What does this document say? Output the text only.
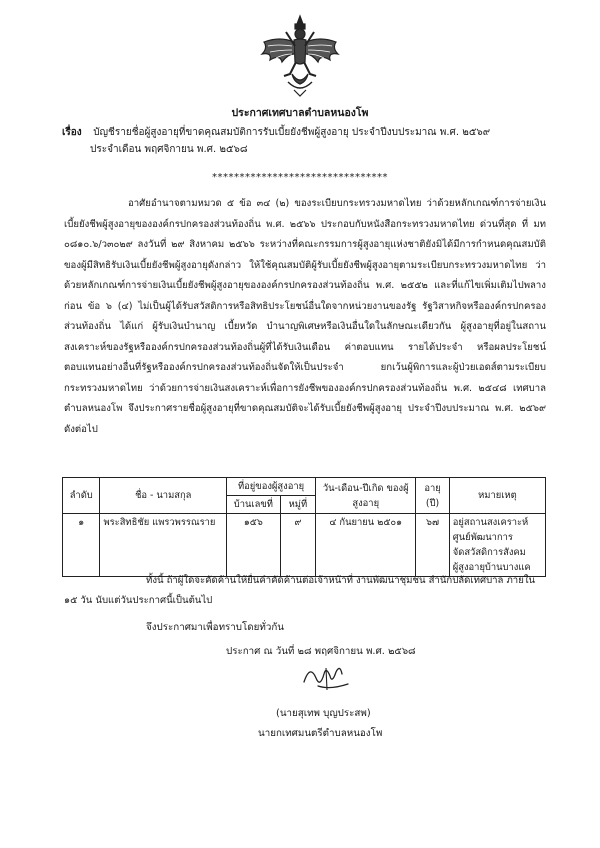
ประกาศเทศบาลตำบลหนองโพ
เรื่อง บัญชีรายชื่อผู้สูงอายุที่ขาดคุณสมบัติการรับเบี้ยยังชีพผู้สูงอายุ ประจำปีงบประมาณ พ.ศ. ๒๕๖๙
ประจำเดือน พฤศจิกายน พ.ศ. ๒๕๖๘
********************************
อาศัยอำนาจตามหมวด ๕ ข้อ ๓๔ (๒) ของระเบียบกระทรวงมหาดไทย ว่าด้วยหลักเกณฑ์การจ่ายเงินเบี้ยยังชีพผู้สูงอายุขององค์กรปกครองส่วนท้องถิ่น พ.ศ. ๒๕๖๖ ประกอบกับหนังสือกระทรวงมหาดไทย ด่วนที่สุด ที่ มท ๐๘๑๐.๖/ว๓๐๒๙ ลงวันที่ ๒๙ สิงหาคม ๒๕๖๖ ระหว่างที่คณะกรรมการผู้สูงอายุแห่งชาติยังมิได้มีการกำหนดคุณสมบัติของผู้มีสิทธิรับเงินเบี้ยยังชีพผู้สูงอายุดังกล่าว ให้ใช้คุณสมบัติผู้รับเบี้ยยังชีพผู้สูงอายุตามระเบียบกระทรวงมหาดไทย ว่าด้วยหลักเกณฑ์การจ่ายเงินเบี้ยยังชีพผู้สูงอายุขององค์กรปกครองส่วนท้องถิ่น พ.ศ. ๒๕๕๒ และที่แก้ไขเพิ่มเติมไปพลางก่อน ข้อ ๖ (๔) ไม่เป็นผู้ได้รับสวัสดิการหรือสิทธิประโยชน์อื่นใดจากหน่วยงานของรัฐ รัฐวิสาหกิจหรือองค์กรปกครองส่วนท้องถิ่น ได้แก่ ผู้รับเงินบำนาญ เบี้ยหวัด บำนาญพิเศษหรือเงินอื่นใดในลักษณะเดียวกัน ผู้สูงอายุที่อยู่ในสถานสงเคราะห์ของรัฐหรือองค์กรปกครองส่วนท้องถิ่นผู้ที่ได้รับเงินเดือน ค่าตอบแทน รายได้ประจำ หรือผลประโยชน์ตอบแทนอย่างอื่นที่รัฐหรือองค์กรปกครองส่วนท้องถิ่นจัดให้เป็นประจำ ยกเว้นผู้พิการและผู้ป่วยเอดส์ตามระเบียบกระทรวงมหาดไทย ว่าด้วยการจ่ายเงินสงเคราะห์เพื่อการยังชีพขององค์กรปกครองส่วนท้องถิ่น พ.ศ. ๒๕๔๘ เทศบาลตำบลหนองโพ จึงประกาศรายชื่อผู้สูงอายุที่ขาดคุณสมบัติจะได้รับเบี้ยยังชีพผู้สูงอายุ ประจำปีงบประมาณ พ.ศ. ๒๕๖๙ ดังต่อไป
ลำดับ	ชื่อ - นามสกุล	ที่อยู่ของผู้สูงอายุ		วัน-เดือน-ปีเกิด ของผู้สูงอายุ	อายุ (ปี)	หมายเหตุ
		บ้านเลขที่	หมู่ที่			
๑	พระสิทธิชัย แพรวพรรณราย	๑๕๖	๙	๔ กันยายน ๒๕๐๑	๖๗	อยู่สถานสงเคราะห์
ศูนย์พัฒนาการ
จัดสวัสดิการสังคม
ผู้สูงอายุบ้านบางแค
ทั้งนี้ ถ้าผู้ใดจะคัดค้านให้ยื่นคำคัดค้านต่อเจ้าหน้าที่ งานพัฒนาชุมชน สำนักปลัดเทศบาล ภายใน ๑๕ วัน นับแต่วันประกาศนี้เป็นต้นไป
จึงประกาศมาเพื่อทราบโดยทั่วกัน
ประกาศ ณ วันที่ ๒๘ พฤศจิกายน พ.ศ. ๒๕๖๘
(นายสุเทพ บุญประสพ)
นายกเทศมนตรีตำบลหนองโพ
